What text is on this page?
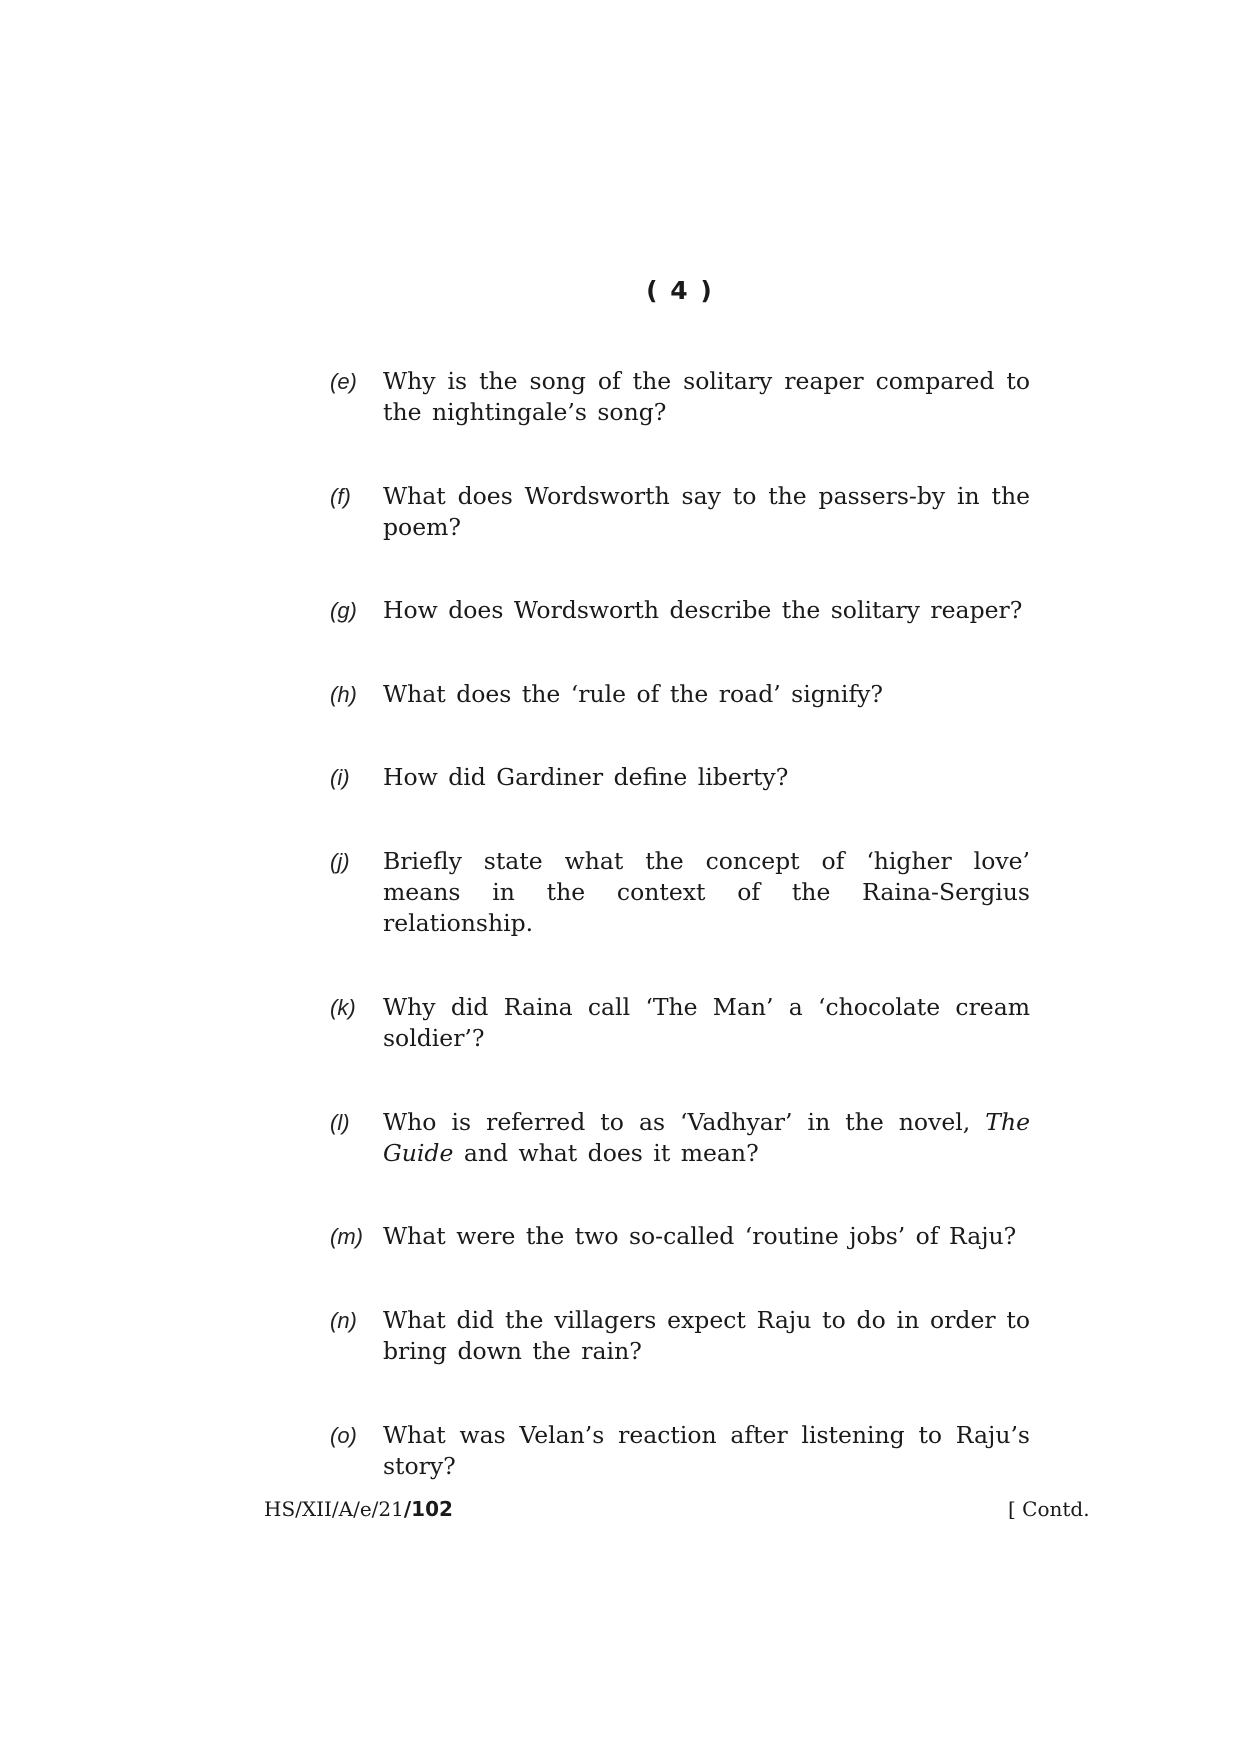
( 4 )
(e)	Why is the song of the solitary reaper compared to the nightingale’s song?
(f)	What does Wordsworth say to the passers-by in the poem?
(g)	How does Wordsworth describe the solitary reaper?
(h)	What does the ‘rule of the road’ signify?
(i)	How did Gardiner define liberty?
(j)	Briefly state what the concept of ‘higher love’ means in the context of the Raina-Sergius relationship.
(k)	Why did Raina call ‘The Man’ a ‘chocolate cream soldier’?
(l)	Who is referred to as ‘Vadhyar’ in the novel, The Guide and what does it mean?
(m) What were the two so-called ‘routine jobs’ of Raju?
(n)	What did the villagers expect Raju to do in order to bring down the rain?
(o)	What was Velan’s reaction after listening to Raju’s story?
HS/XII/A/e/21/102	[ Contd.
